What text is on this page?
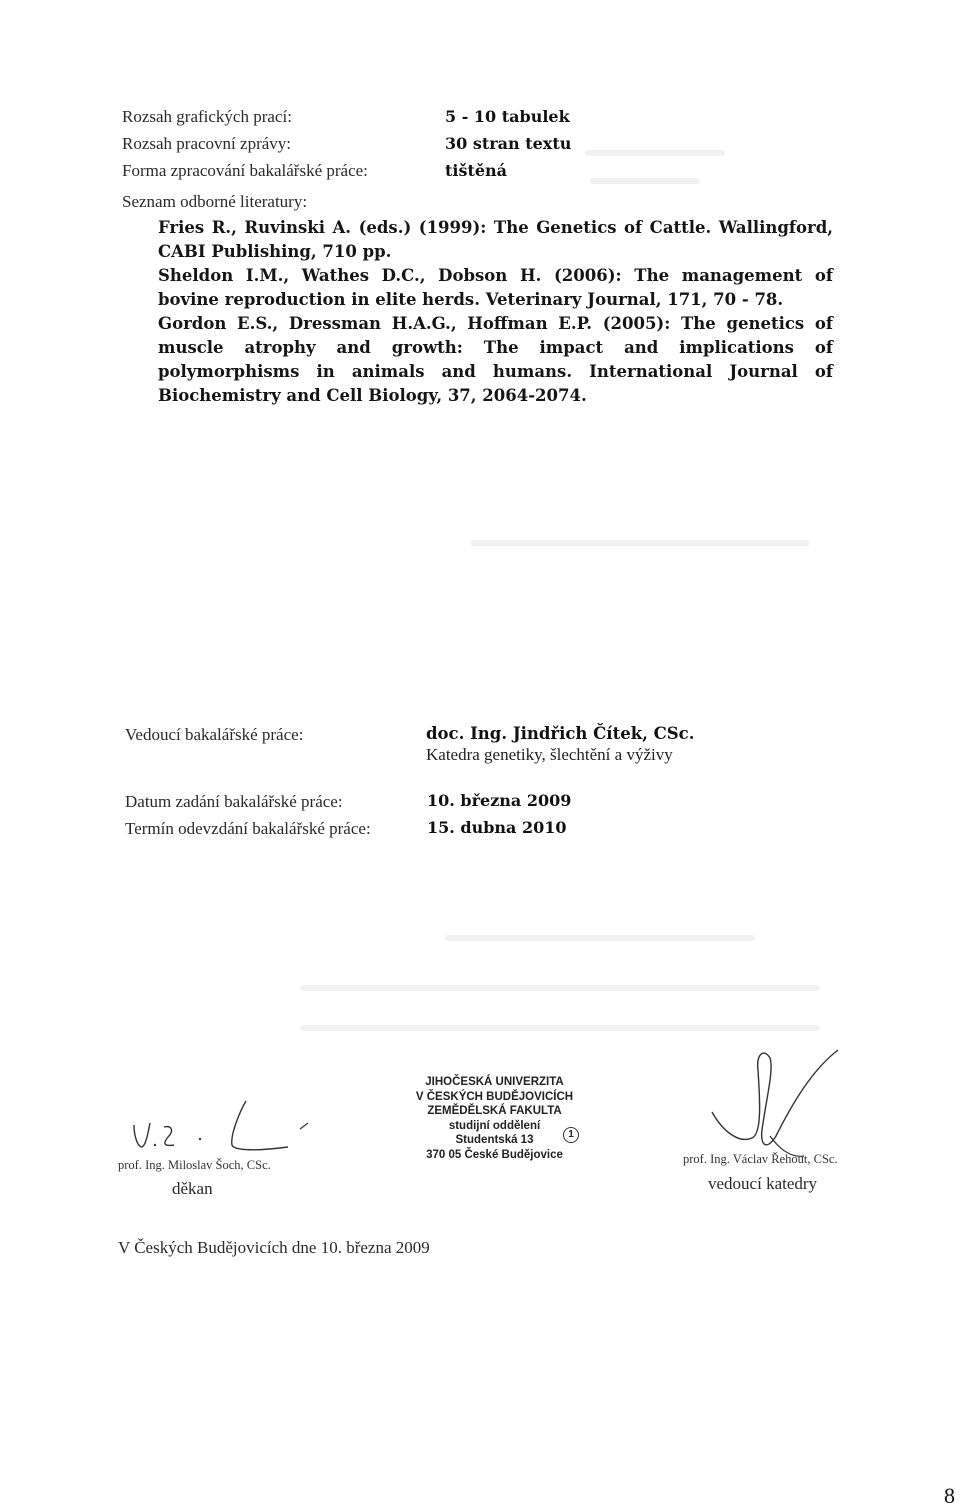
Rozsah grafických prací:	5 - 10 tabulek
Rozsah pracovní zprávy:	30 stran textu
Forma zpracování bakalářské práce:	tištěná
Seznam odborné literatury:

Fries R., Ruvinski A. (eds.) (1999): The Genetics of Cattle. Wallingford, CABI Publishing, 710 pp.

Sheldon I.M., Wathes D.C., Dobson H. (2006): The management of bovine reproduction in elite herds. Veterinary Journal, 171, 70 - 78.

Gordon E.S., Dressman H.A.G., Hoffman E.P. (2005): The genetics of muscle atrophy and growth: The impact and implications of polymorphisms in animals and humans. International Journal of Biochemistry and Cell Biology, 37, 2064-2074.

Vedoucí bakalářské práce:	doc. Ing. Jindřich Čítek, CSc.
Katedra genetiky, šlechtění a výživy
Datum zadání bakalářské práce:	10. března 2009
Termín odevzdání bakalářské práce:	15. dubna 2010
prof. Ing. Miloslav Šoch, CSc.
děkan
JIHOČESKÁ UNIVERZITA
V ČESKÝCH BUDĚJOVICÍCH
ZEMĚDĚLSKÁ FAKULTA
studijní oddělení
Studentská 13
370 05 České Budějovice
1
prof. Ing. Václav Řehout, CSc.
vedoucí katedry
V Českých Budějovicích dne 10. března 2009
8
